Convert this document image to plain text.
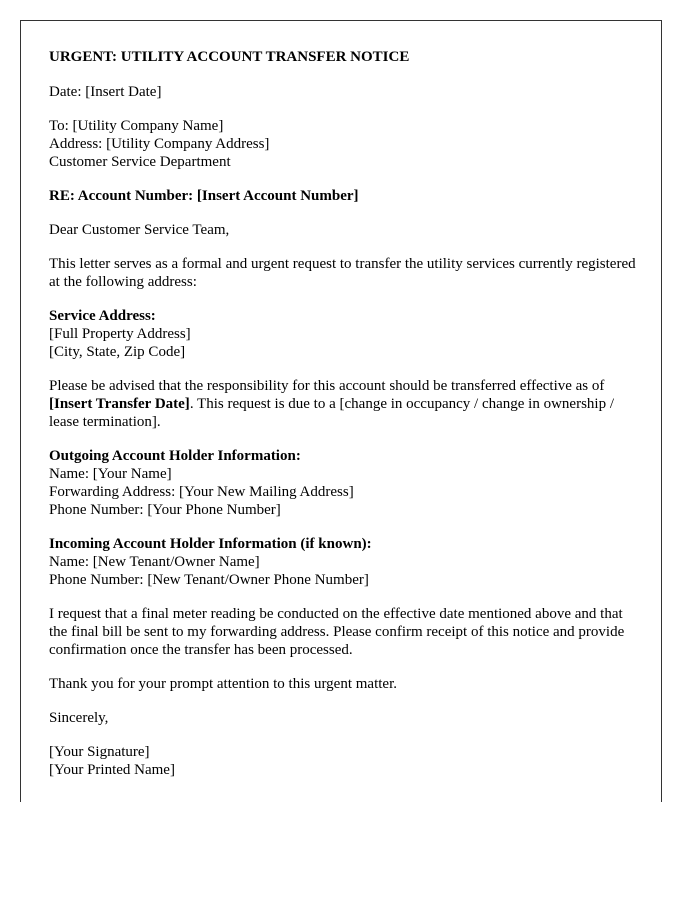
URGENT: UTILITY ACCOUNT TRANSFER NOTICE

Date: [Insert Date]

To: [Utility Company Name]
Address: [Utility Company Address]
Customer Service Department

RE: Account Number: [Insert Account Number]

Dear Customer Service Team,

This letter serves as a formal and urgent request to transfer the utility services currently registered at the following address:

Service Address:
[Full Property Address]
[City, State, Zip Code]

Please be advised that the responsibility for this account should be transferred effective as of [Insert Transfer Date]. This request is due to a [change in occupancy / change in ownership / lease termination].

Outgoing Account Holder Information:
Name: [Your Name]
Forwarding Address: [Your New Mailing Address]
Phone Number: [Your Phone Number]

Incoming Account Holder Information (if known):
Name: [New Tenant/Owner Name]
Phone Number: [New Tenant/Owner Phone Number]

I request that a final meter reading be conducted on the effective date mentioned above and that the final bill be sent to my forwarding address. Please confirm receipt of this notice and provide confirmation once the transfer has been processed.

Thank you for your prompt attention to this urgent matter.

Sincerely,

[Your Signature]
[Your Printed Name]
